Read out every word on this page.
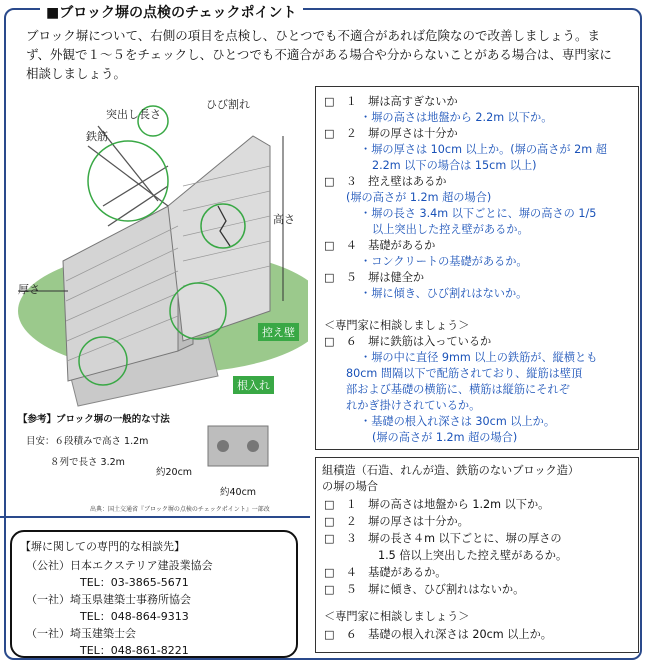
■ブロック塀の点検のチェックポイント
ブロック塀について、右側の項目を点検し、ひとつでも不適合があれば危険なので改善しましょう。まず、外観で１～５をチェックし、ひとつでも不適合がある場合や分からないことがある場合は、専門家に相談しましょう。
突出し長さ
ひび割れ
鉄筋
高さ
厚さ
控え壁
根入れ
【参考】ブロック塀の一般的な寸法
目安：６段積みで高さ 1.2m
８列で長さ 3.2m
約20cm
約40cm
出典：国土交通省『ブロック塀の点検のチェックポイント』一部改
□　１　塀は高すぎないか
・塀の高さは地盤から 2.2m 以下か。
□　２　塀の厚さは十分か
・塀の厚さは 10cm 以上か。(塀の高さが 2m 超
2.2m 以下の場合は 15cm 以上)
□　３　控え壁はあるか
(塀の高さが 1.2m 超の場合)
・塀の長さ 3.4m 以下ごとに、塀の高さの 1/5
以上突出した控え壁があるか。
□　４　基礎があるか
・コンクリートの基礎があるか。
□　５　塀は健全か
・塀に傾き、ひび割れはないか。
＜専門家に相談しましょう＞
□　６　塀に鉄筋は入っているか
・塀の中に直径 9mm 以上の鉄筋が、縦横とも
80cm 間隔以下で配筋されており、縦筋は壁頂
部および基礎の横筋に、横筋は縦筋にそれぞ
れかぎ掛けされているか。
・基礎の根入れ深さは 30cm 以上か。
(塀の高さが 1.2m 超の場合)
組積造（石造、れんが造、鉄筋のないブロック造）
の塀の場合
□　１　塀の高さは地盤から 1.2m 以下か。
□　２　塀の厚さは十分か。
□　３　塀の長さ４m 以下ごとに、塀の厚さの
1.5 倍以上突出した控え壁があるか。
□　４　基礎があるか。
□　５　塀に傾き、ひび割れはないか。
＜専門家に相談しましょう＞
□　６　基礎の根入れ深さは 20cm 以上か。
【塀に関しての専門的な相談先】
（公社）日本エクステリア建設業協会
TEL：03-3865-5671
（一社）埼玉県建築士事務所協会
TEL：048-864-9313
（一社）埼玉建築士会
TEL：048-861-8221
